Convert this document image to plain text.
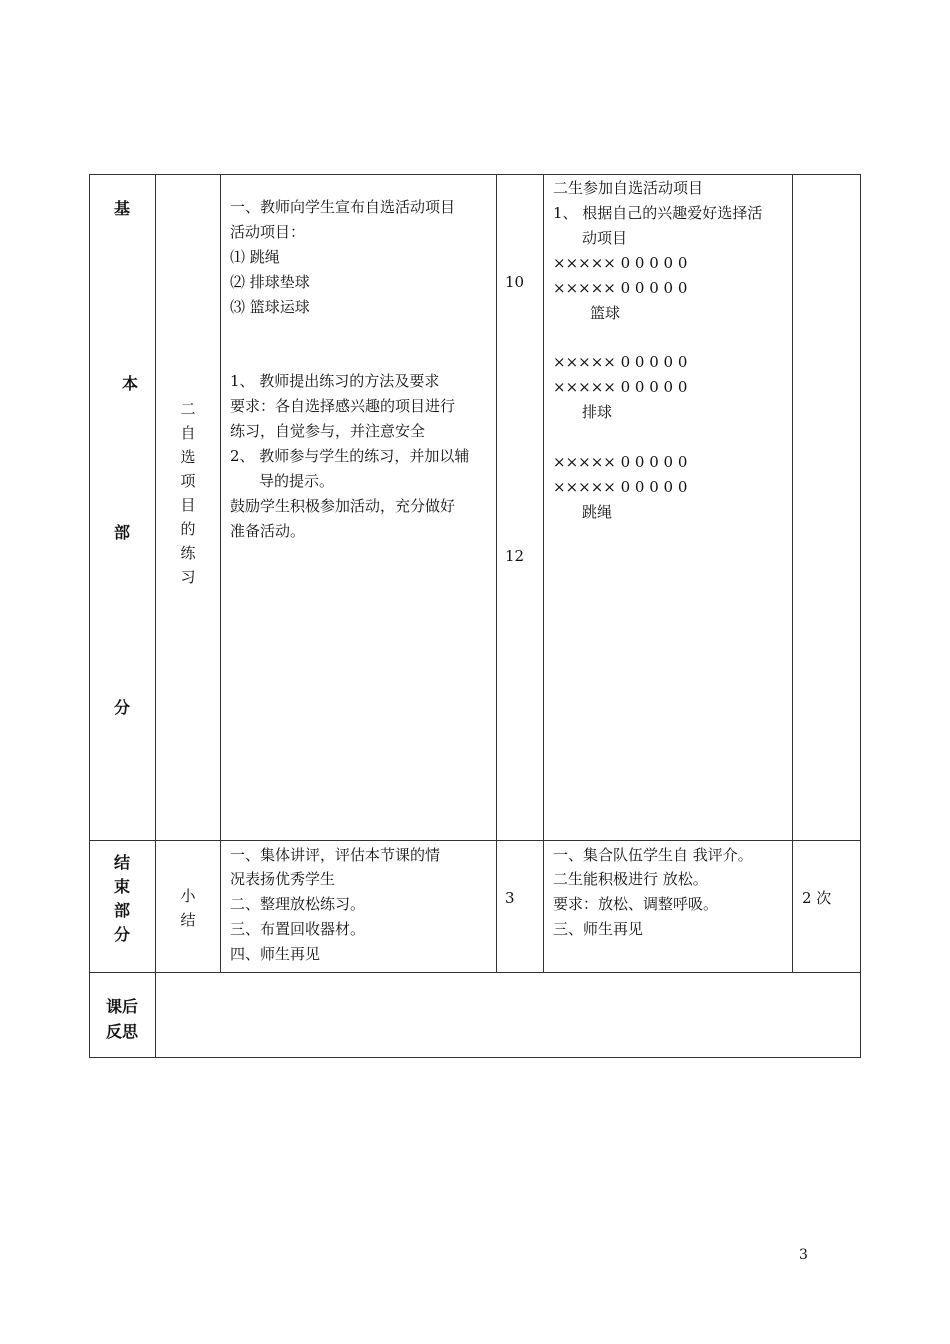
基
本
部
分
二
自
选
项
目
的
练
习
一、教师向学生宣布自选活动项目
活动项目：
⑴ 跳绳
⑵ 排球垫球
⑶ 篮球运球
1、 教师提出练习的方法及要求
要求：各自选择感兴趣的项目进行
练习，自觉参与，并注意安全
2、 教师参与学生的练习，并加以辅
导的提示。
鼓励学生积极参加活动，充分做好
准备活动。
10
12
二生参加自选活动项目
1、 根据自己的兴趣爱好选择活
动项目
××××× 0 0 0 0 0
××××× 0 0 0 0 0
篮球
××××× 0 0 0 0 0
××××× 0 0 0 0 0
排球
××××× 0 0 0 0 0
××××× 0 0 0 0 0
跳绳
结
束
部
分
小
结
一、集体讲评，评估本节课的情
况表扬优秀学生
二、整理放松练习。
三、布置回收器材。
四、师生再见
3
一、集合队伍学生自 我评介。
二生能积极进行 放松。
要求：放松、调整呼吸。
三、师生再见
2 次
课后
反思
3
